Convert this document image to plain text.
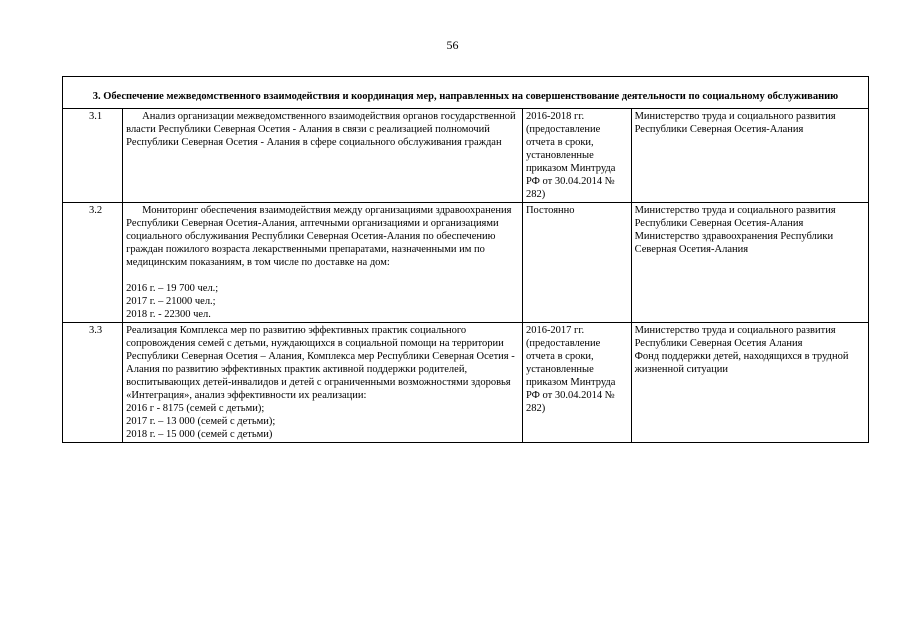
56
3. Обеспечение межведомственного взаимодействия и координация мер, направленных на совершенствование деятельности по социальному обслуживанию			
3.1	Анализ организации межведомственного взаимодействия органов государственной власти Республики Северная Осетия - Алания в связи с реализацией полномочий Республики Северная Осетия - Алания в сфере социального обслуживания граждан	2016-2018 гг. (предоставление отчета в сроки, установленные приказом Минтруда РФ от 30.04.2014 № 282)	Министерство труда и социального развития Республики Северная Осетия-Алания

3.2	Мониторинг обеспечения взаимодействия между организациями здравоохранения Республики Северная Осетия-Алания, аптечными организациями и организациями социального обслуживания Республики Северная Осетия-Алания по обеспечению граждан пожилого возраста лекарственными препаратами, назначенными им по медицинским показаниям, в том числе по доставке на дом:
2016 г. – 19 700 чел.;
2017 г. – 21000 чел.;
2018 г. - 22300 чел.	Постоянно	Министерство труда и социального развития Республики Северная Осетия-Алания
Министерство здравоохранения Республики Северная Осетия-Алания

3.3	Реализация Комплекса мер по развитию эффективных практик социального сопровождения семей с детьми, нуждающихся в социальной помощи на территории Республики Северная Осетия – Алания, Комплекса мер Республики Северная Осетия - Алания по развитию эффективных практик активной поддержки родителей, воспитывающих детей-инвалидов и детей с ограниченными возможностями здоровья «Интеграция», анализ эффективности их реализации:
2016 г - 8175 (семей с детьми);
2017 г. – 13 000 (семей с детьми);
2018 г. – 15 000 (семей с детьми)	2016-2017 гг. (предоставление отчета в сроки, установленные приказом Минтруда РФ от 30.04.2014 № 282)	Министерство труда и социального развития Республики Северная Осетия Алания
Фонд поддержки детей, находящихся в трудной жизненной ситуации
